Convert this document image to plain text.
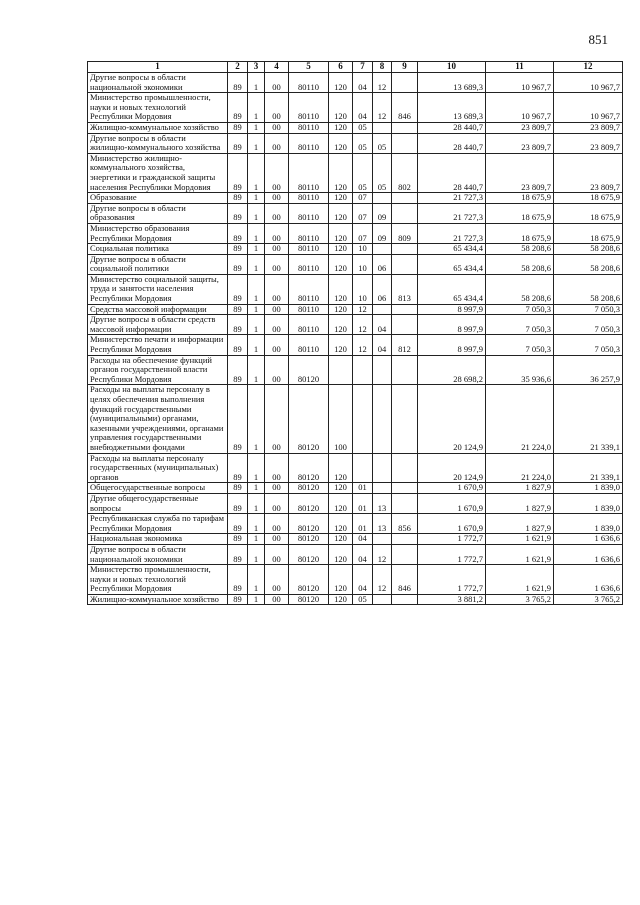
851
1	2	3	4	5	6	7	8	9	10	11	12
Другие вопросы в области национальной экономики	89	1	00	80110	120	04	12		13 689,3	10 967,7	10 967,7
Министерство промышленности, науки и новых технологий Республики Мордовия	89	1	00	80110	120	04	12	846	13 689,3	10 967,7	10 967,7
Жилищно-коммунальное хозяйство	89	1	00	80110	120	05			28 440,7	23 809,7	23 809,7
Другие вопросы в области жилищно-коммунального хозяйства	89	1	00	80110	120	05	05		28 440,7	23 809,7	23 809,7
Министерство жилищно-коммунального хозяйства, энергетики и гражданской защиты населения Республики Мордовия	89	1	00	80110	120	05	05	802	28 440,7	23 809,7	23 809,7
Образование	89	1	00	80110	120	07			21 727,3	18 675,9	18 675,9
Другие вопросы в области образования	89	1	00	80110	120	07	09		21 727,3	18 675,9	18 675,9
Министерство образования Республики Мордовия	89	1	00	80110	120	07	09	809	21 727,3	18 675,9	18 675,9
Социальная политика	89	1	00	80110	120	10			65 434,4	58 208,6	58 208,6
Другие вопросы в области социальной политики	89	1	00	80110	120	10	06		65 434,4	58 208,6	58 208,6
Министерство социальной защиты, труда и занятости населения Республики Мордовия	89	1	00	80110	120	10	06	813	65 434,4	58 208,6	58 208,6
Средства массовой информации	89	1	00	80110	120	12			8 997,9	7 050,3	7 050,3
Другие вопросы в области средств массовой информации	89	1	00	80110	120	12	04		8 997,9	7 050,3	7 050,3
Министерство печати и информации Республики Мордовия	89	1	00	80110	120	12	04	812	8 997,9	7 050,3	7 050,3
Расходы на обеспечение функций органов государственной власти Республики Мордовия	89	1	00	80120					28 698,2	35 936,6	36 257,9
Расходы на выплаты персоналу в целях обеспечения выполнения функций государственными (муниципальными) органами, казенными учреждениями, органами управления государственными внебюджетными фондами	89	1	00	80120	100				20 124,9	21 224,0	21 339,1
Расходы на выплаты персоналу государственных (муниципальных) органов	89	1	00	80120	120				20 124,9	21 224,0	21 339,1
Общегосударственные вопросы	89	1	00	80120	120	01			1 670,9	1 827,9	1 839,0
Другие общегосударственные вопросы	89	1	00	80120	120	01	13		1 670,9	1 827,9	1 839,0
Республиканская служба по тарифам Республики Мордовия	89	1	00	80120	120	01	13	856	1 670,9	1 827,9	1 839,0
Национальная экономика	89	1	00	80120	120	04			1 772,7	1 621,9	1 636,6
Другие вопросы в области национальной экономики	89	1	00	80120	120	04	12		1 772,7	1 621,9	1 636,6
Министерство промышленности, науки и новых технологий Республики Мордовия	89	1	00	80120	120	04	12	846	1 772,7	1 621,9	1 636,6
Жилищно-коммунальное хозяйство	89	1	00	80120	120	05			3 881,2	3 765,2	3 765,2
